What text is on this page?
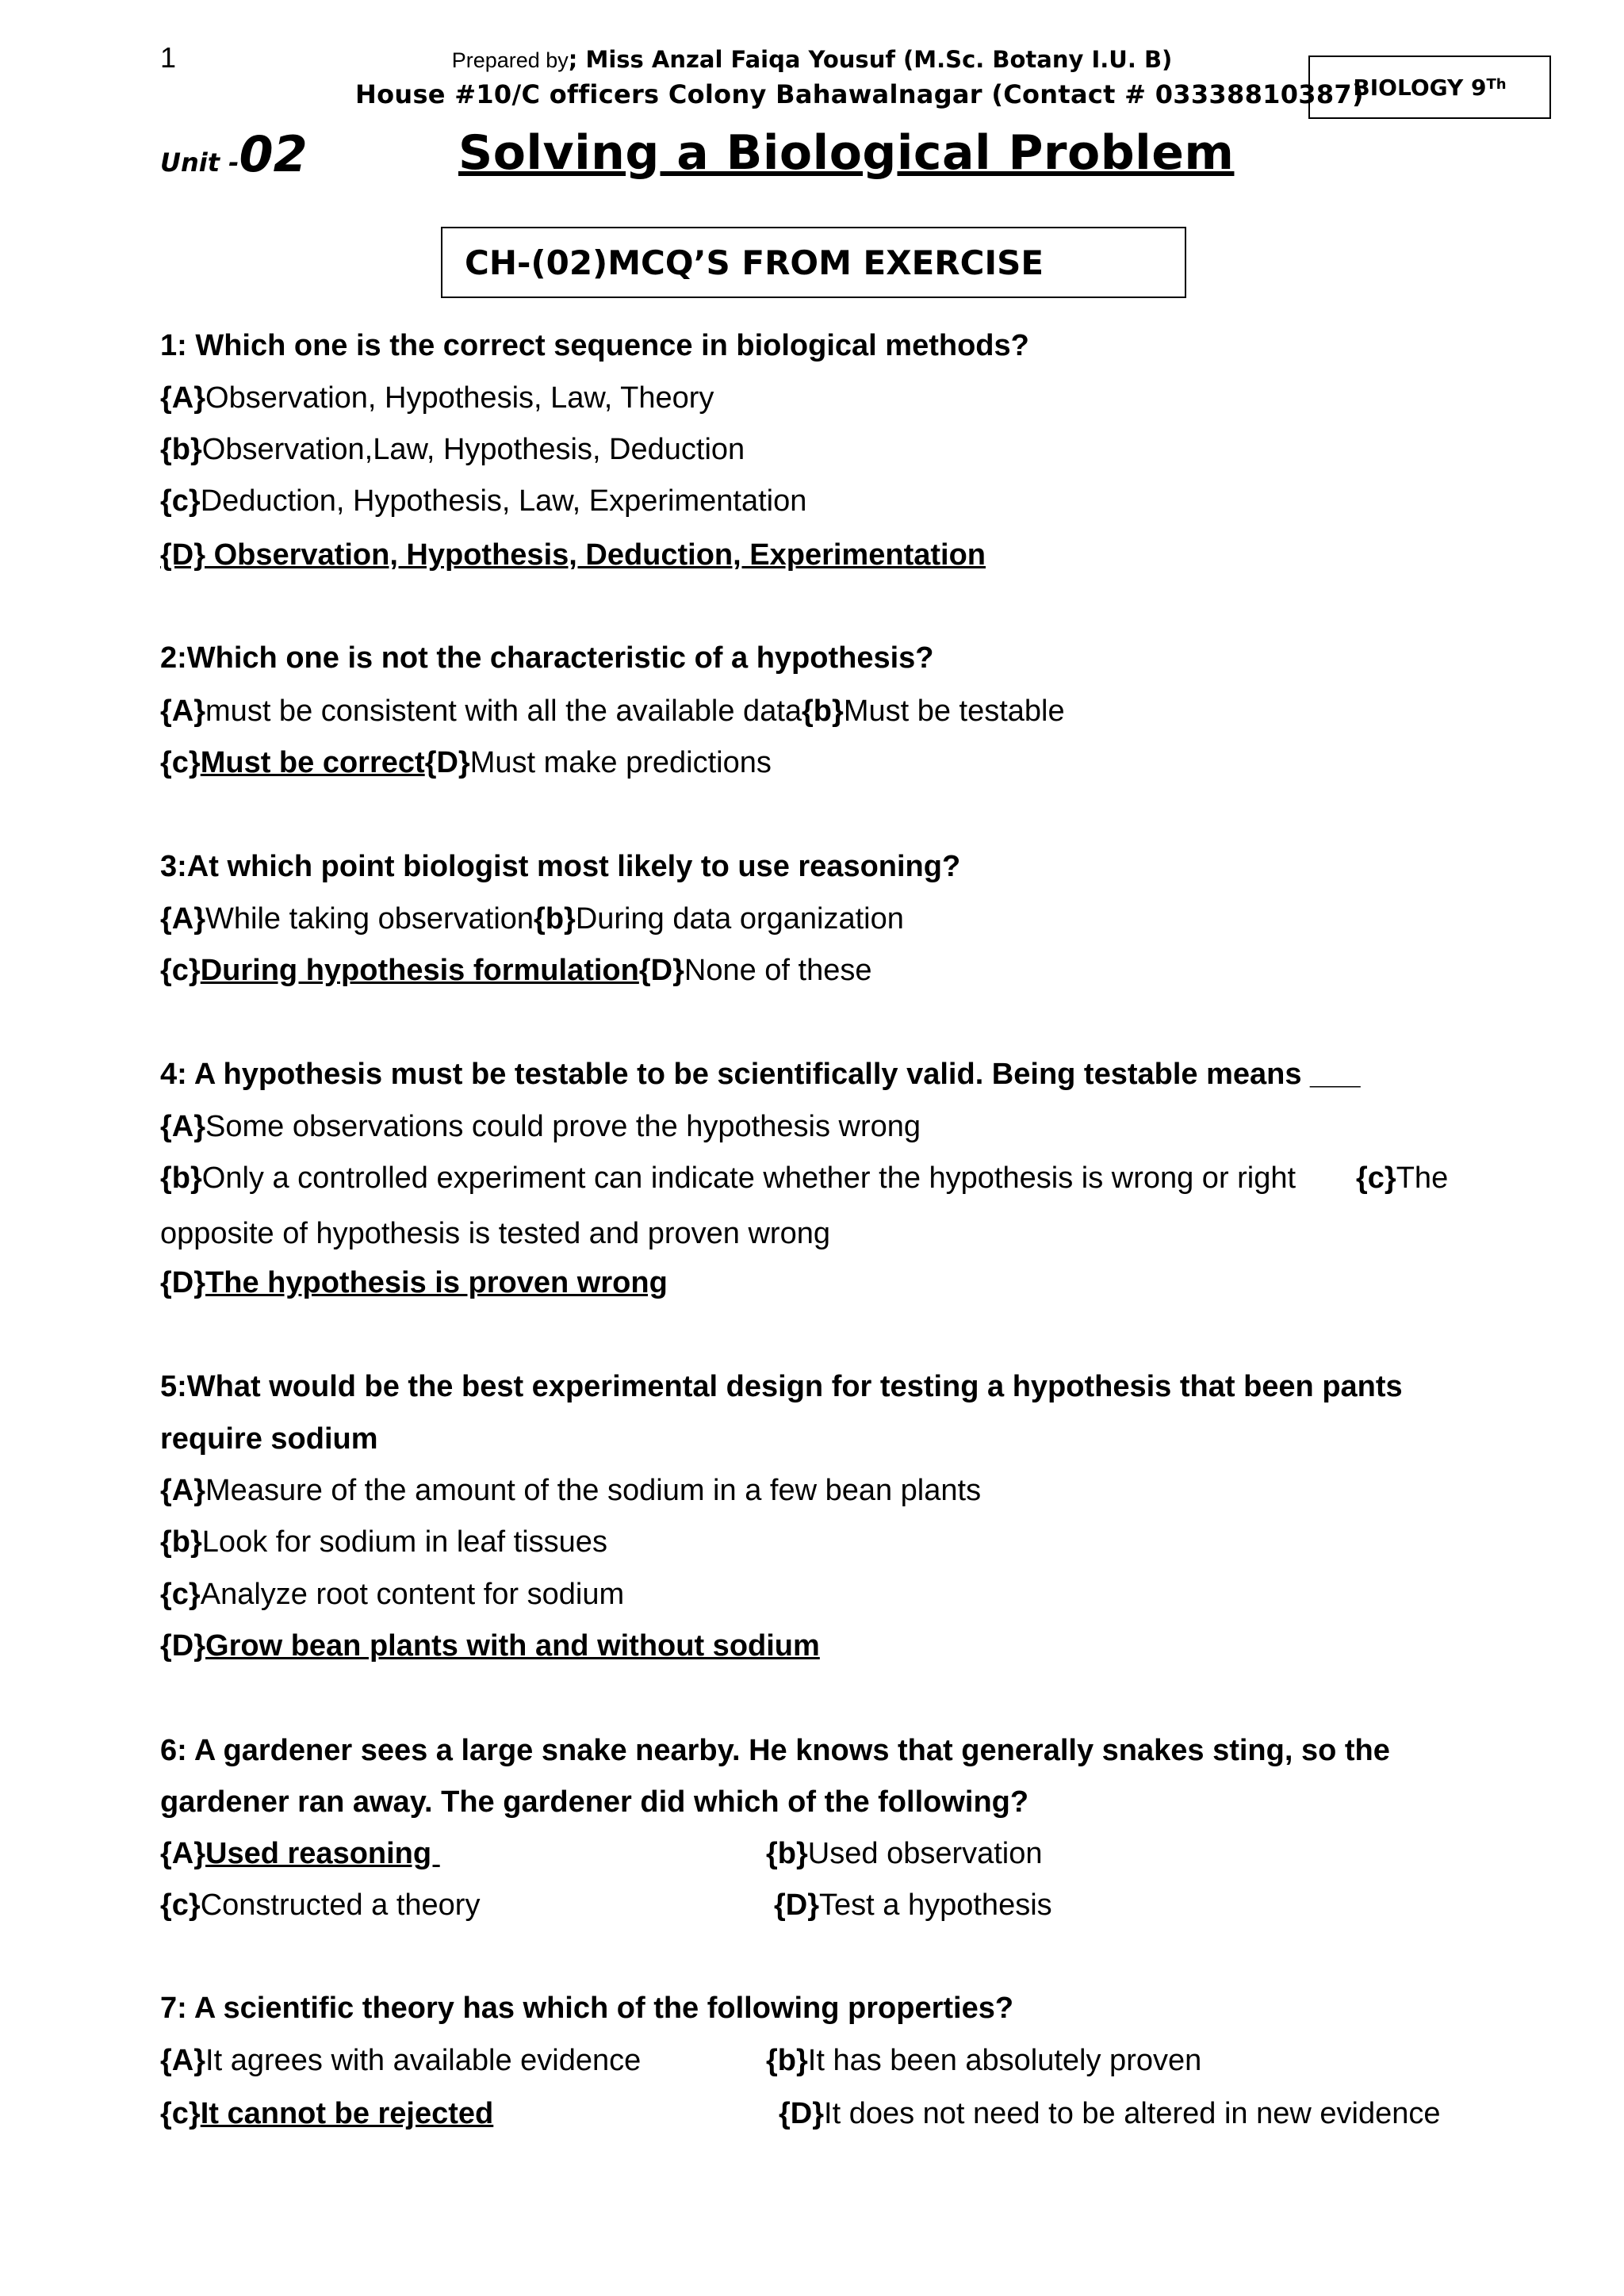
1	Prepared by; Miss Anzal Faiqa Yousuf (M.Sc. Botany I.U. B)
House #10/C officers Colony Bahawalnagar (Contact # 03338810387)
BIOLOGY 9Th
Unit -02	Solving a Biological Problem
CH-(02)MCQ’S FROM EXERCISE
1: Which one is the correct sequence in biological methods?
{A}Observation, Hypothesis, Law, Theory
{b}Observation,Law, Hypothesis, Deduction
{c}Deduction, Hypothesis, Law, Experimentation
{D} Observation, Hypothesis, Deduction, Experimentation
2:Which one is not the characteristic of a hypothesis?
{A}must be consistent with all the available data{b}Must be testable
{c}Must be correct{D}Must make predictions
3:At which point biologist most likely to use reasoning?
{A}While taking observation{b}During data organization
{c}During hypothesis formulation{D}None of these
4: A hypothesis must be testable to be scientifically valid. Being testable means ___
{A}Some observations could prove the hypothesis wrong
{b}Only a controlled experiment can indicate whether the hypothesis is wrong or right {c}The
opposite of hypothesis is tested and proven wrong
{D}The hypothesis is proven wrong
5:What would be the best experimental design for testing a hypothesis that been pants
require sodium
{A}Measure of the amount of the sodium in a few bean plants
{b}Look for sodium in leaf tissues
{c}Analyze root content for sodium
{D}Grow bean plants with and without sodium
6: A gardener sees a large snake nearby. He knows that generally snakes sting, so the
gardener ran away. The gardener did which of the following?
{A}Used reasoning	{b}Used observation
{c}Constructed a theory	{D}Test a hypothesis
7: A scientific theory has which of the following properties?
{A}It agrees with available evidence	{b}It has been absolutely proven
{c}It cannot be rejected	{D}It does not need to be altered in new evidence
